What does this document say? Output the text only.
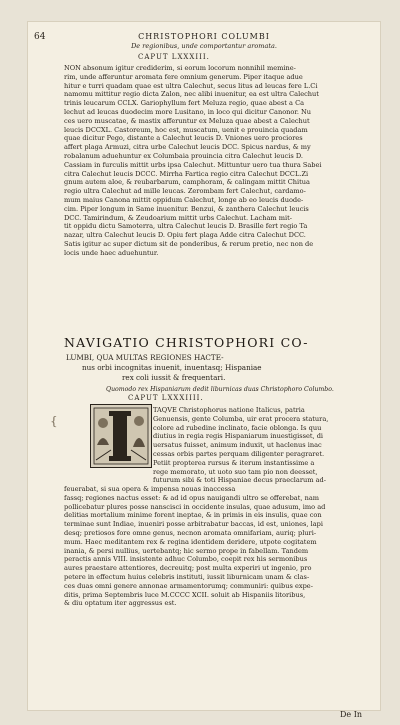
64	CHRISTOPHORI COLUMBI
De regionibus, unde comportantur aromata.
CAPUT LXXXIII.
NON absonum igitur crediderim, si eorum locorum nonnihil memine-
rim, unde afferuntur aromata fere omnium generum. Piper itaque adue
hitur e turri quadam quae est ultra Calechut, secus litus ad leucas fere L.Ci
namomu mittitur regio dicta Zalon, nec alibi inuenitur, ea est ultra Calechut
trinis leucarum CCLX. Gariophyllum fert Meluza regio, quae abest a Ca
lechut ad leucas duodecim more Lusitano, in loco qui dicitur Canonor. Nu
ces uero muscatae, & mastix afferuntur ex Meluza quae abest a Calechut
leucis DCCXL. Castoreum, hoc est, muscatum, uenit e prouincia quadam
quae dicitur Pego, distante a Calechut leucis D. Vniones uero prociores
affert plaga Armuzi, citra urbe Calechut leucis DCC. Spicus nardus, & my
robalanum aduehuntur ex Columbaia prouincia citra Calechut leucis D.
Cassiam in furculis mittit urbs ipsa Calechut. Mittuntur uero tua thura Sabei
citra Calechut leucis DCCC. Mirrha Fartica regio citra Calechut DCCL.Zi
gnum autem aloe, & reubarbarum, camphoram, & calingam mittit Chitua
regio ultra Calechut ad mille leucas. Zerombam fert Calechut, cardamo-
mum maius Canona mittit oppidum Calechut, longe ab eo leucis duode-
cim. Piper longum in Same inuenitur. Benzui, & zanthera Calechut leucis
DCC. Tamirindum, & Zeudoarium mittit urbs Calechut. Lacham mit-
tit oppidu dictu Samoterra, ultra Calechut leucis D. Brasille fert regio Ta
nazar, ultra Calechut leucis D. Opiu fert plaga Adde citra Calechut DCC.
Satis igitur ac super dictum sit de ponderibus, & rerum pretio, nec non de
locis unde haec aduehuntur.
NAVIGATIO CHRISTOPHORI CO-
LUMBI, QUA MULTAS REGIONES HACTE-
nus orbi incognitas inuenit, inuentasq; Hispaniae
rex coli iussit & frequentari.
Quomodo rex Hispaniarum dedit liburnicas duas Christophoro Columbo.
CAPUT LXXXIIII.
{
TAQVE Christophorus natione Italicus, patria
Genuensis, gente Columba, uir erat procera statura,
colore ad rubedine inclinato, facie oblonga. Is quu
diutius in regia regis Hispaniarum inuestigisset, di
uersatus fuisset, animum induxit, ut haclenus inac
cessas orbis partes perquam diligenter peragraret.
Petiit propterea rursus & iterum instantissime a
rege memorato, ut uoto suo tam pio non deesset,
futurum sibi & toti Hispaniae decus praeclarum ad-
feuerabat, si sua opera & impensa nouas inaccessa
fassq; regiones nactus esset: & ad id opus nauigandi ultro se offerebat, nam
pollicebatur plures posse nanscisci in occidente insulas, quae adusum, imo ad
delitias mortalium minime forent ineptae, & in primis in eis insulis, quae con
terminae sunt Indiae, inueniri posse arbitrabatur baccas, id est, uniones, lapi
desq; pretiosos fore omne genus, necnon aromata omnifariam, auriq; pluri-
mum. Haec meditantem rex & regina identidem deridere, utpote cogitatem
inania, & persi nullius, uertebantq; hic sermo prope in fabellam. Tandem
peractis annis VIII. insistente adhuc Columbo, coepit rex his sermonibus
aures praestare attentiores, decreuitq; post multa experiri ut ingenio, pro
petere in effectum huius celebris instituti, iussit liburnicam unam & clas-
ces duas omni genere annonae armamentorumq; communiri: quibus expe-
ditis, prima Septembris luce M.CCCC XCII. soluit ab Hispaniis litoribus,
& diu optatum iter aggressus est.
De In
